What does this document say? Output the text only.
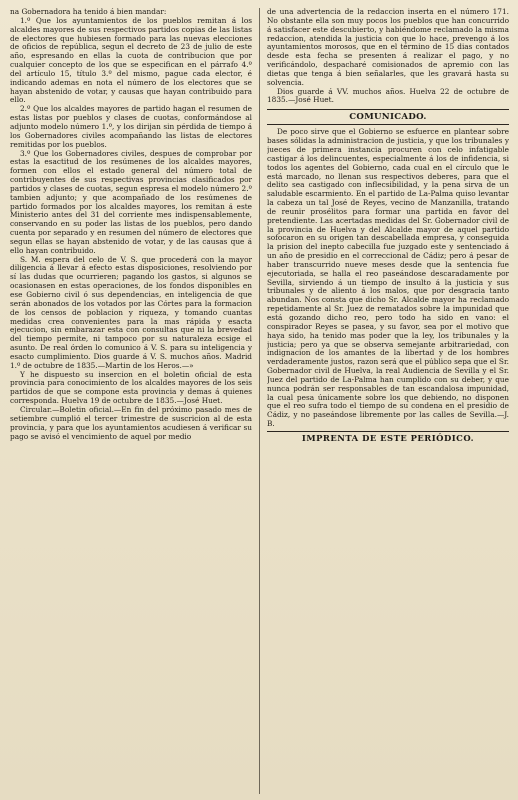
na Gobernadora ha tenido á bien mandar:

1.º Que los ayuntamientos de los pueblos remitan á los alcaldes mayores de sus respectivos partidos copias de las listas de electores que hubiesen formado para las nuevas elecciones de oficios de república, segun el decreto de 23 de julio de este año, espresando en ellas la cuota de contribucion que por cualquier concepto de los que se especifican en el párrafo 4.º del artículo 15, título 3.º del mismo, pague cada elector, é indicando ademas en nota el número de los electores que se hayan abstenido de votar, y causas que hayan contribuido para ello.

2.º Que los alcaldes mayores de partido hagan el resumen de estas listas por pueblos y clases de cuotas, conformándose al adjunto modelo número 1.º, y los dirijan sin pérdida de tiempo á los Gobernadores civiles acompañando las listas de electores remitidas por los pueblos.

3.º Que los Gobernadores civiles, despues de comprobar por estas la esactitud de los resúmenes de los alcaldes mayores, formen con ellos el estado general del número total de contribuyentes de sus respectivas provincias clasificados por partidos y clases de cuotas, segun espresa el modelo número 2.º tambien adjunto; y que acompañado de los resúmenes de partido formados por los alcaldes mayores, los remitan á este Ministerio antes del 31 del corriente mes indispensablemente, conservando en su poder las listas de los pueblos, pero dando cuenta por separado y en resumen del número de electores que segun ellas se hayan abstenido de votar, y de las causas que á ello hayan contribuido.

S. M. espera del celo de V. S. que procederá con la mayor diligencia á llevar á efecto estas disposiciones, resolviendo por sí las dudas que ocurrieren; pagando los gastos, si algunos se ocasionasen en estas operaciones, de los fondos disponibles en ese Gobierno civil ó sus dependencias, en inteligencia de que serán abonados de los votados por las Córtes para la formacion de los censos de poblacion y riqueza, y tomando cuantas medidas crea convenientes para la mas rápida y esacta ejecucion, sin embarazar esta con consultas que ni la brevedad del tiempo permite, ni tampoco por su naturaleza ecsige el asunto. De real órden lo comunico á V. S. para su inteligencia y esacto cumplimiento. Dios guarde á V. S. muchos años. Madrid 1.º de octubre de 1835.—Martin de los Heros.—»

Y he dispuesto su insercion en el boletin oficial de esta provincia para conocimiento de los alcaldes mayores de los seis partidos de que se compone esta provincia y demas á quienes corresponda. Huelva 19 de octubre de 1835.—José Huet.

Circular.—Boletin oficial.—En fin del próximo pasado mes de setiembre cumplió el tercer trimestre de suscricion al de esta provincia, y para que los ayuntamientos acudiesen á verificar su pago se avisó el vencimiento de aquel por medio

de una advertencia de la redaccion inserta en el número 171. No obstante ella son muy pocos los pueblos que han concurrido á satisfacer este descubierto, y habiéndome reclamado la misma redaccion, atendida la justicia con que lo hace, prevengo á los ayuntamientos morosos, que en el término de 15 dias contados desde esta fecha se presenten á realizar el pago, y no verificándolo, despacharé comisionados de apremio con las dietas que tenga á bien señalarles, que les gravará hasta su solvencia.

Dios guarde á VV. muchos años. Huelva 22 de octubre de 1835.—José Huet.

COMUNICADO.

De poco sirve que el Gobierno se esfuerce en plantear sobre bases sólidas la administracion de justicia, y que los tribunales y jueces de primera instancia procuren con celo infatigable castigar á los delincuentes, especialmente á los de infidencia, si todos los agentes del Gobierno, cada cual en el círculo que le está marcado, no llenan sus respectivos deberes, para que el delito sea castigado con inflecsibilidad, y la pena sirva de un saludable escarmiento. En el partido de La-Palma quiso levantar la cabeza un tal José de Reyes, vecino de Manzanilla, tratando de reunir prosélitos para formar una partida en favor del pretendiente. Las acertadas medidas del Sr. Gobernador civil de la provincia de Huelva y del Alcalde mayor de aquel partido sofocaron en su origen tan descabellada empresa, y conseguida la prision del inepto cabecilla fue juzgado este y sentenciado á un año de presidio en el correccional de Cádiz; pero á pesar de haber transcurrido nueve meses desde que la sentencia fue ejecutoriada, se halla el reo paseándose descaradamente por Sevilla, sirviendo á un tiempo de insulto á la justicia y sus tribunales y de aliento á los malos, que por desgracia tanto abundan. Nos consta que dicho Sr. Alcalde mayor ha reclamado repetidamente al Sr. Juez de rematados sobre la impunidad que está gozando dicho reo, pero todo ha sido en vano: el conspirador Reyes se pasea, y su favor, sea por el motivo que haya sido, ha tenido mas poder que la ley, los tribunales y la justicia; pero ya que se observa semejante arbitrariedad, con indignacion de los amantes de la libertad y de los hombres verdaderamente justos, razon será que el público sepa que el Sr. Gobernador civil de Huelva, la real Audiencia de Sevilla y el Sr. Juez del partido de La-Palma han cumplido con su deber, y que nunca podrán ser responsables de tan escandalosa impunidad, la cual pesa únicamente sobre los que debiendo, no disponen que el reo sufra todo el tiempo de su condena en el presidio de Cádiz, y no paseándose libremente por las calles de Sevilla.—J. B.

IMPRENTA DE ESTE PERIÓDICO.
